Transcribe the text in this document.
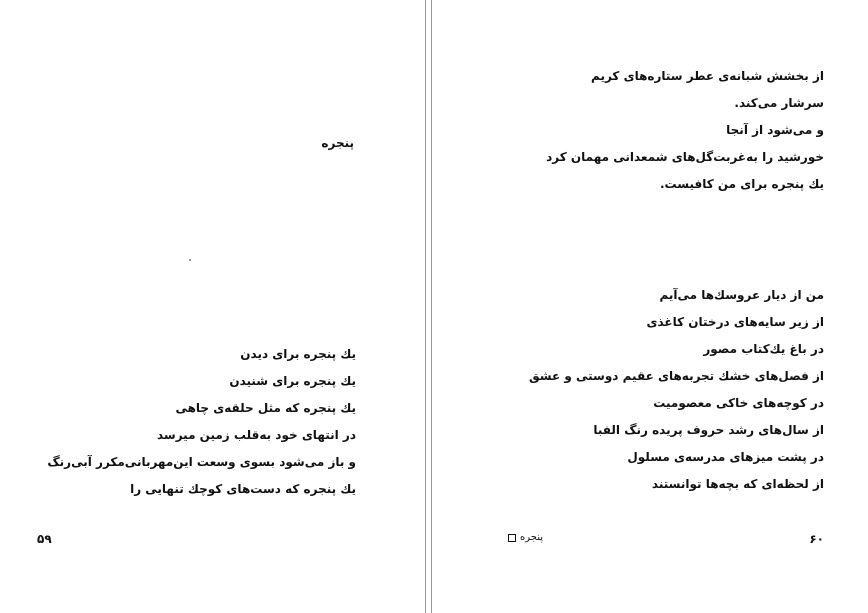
پنجره
یك پنجره برای دیدن
یك پنجره برای شنیدن
یك پنجره که مثل حلقه‌ی چاهی
در انتهای خود به‌قلب زمین میرسد
و باز می‌شود بسوی وسعت این‌مهربانی‌مکرر آبی‌رنگ
یك پنجره که دست‌های کوچك تنهایی را
۵۹
از بخشش شبانه‌ی عطر ستاره‌های کریم
سرشار می‌کند.
و می‌شود از آنجا
خورشید را به‌غربت‌گل‌های شمعدانی مهمان کرد
یك پنجره برای من کافیست.
من از دیار عروسك‌ها می‌آیم
از زیر سایه‌های درختان کاغذی
در باغ یك‌کتاب مصور
از فصل‌های خشك تجربه‌های عقیم دوستی و عشق
در کوچه‌های خاکی معصومیت
از سال‌های رشد حروف پریده رنگ الفبا
در پشت میزهای مدرسه‌ی مسلول
از لحظه‌ای که بچه‌ها توانستند
پنجره	۶۰
